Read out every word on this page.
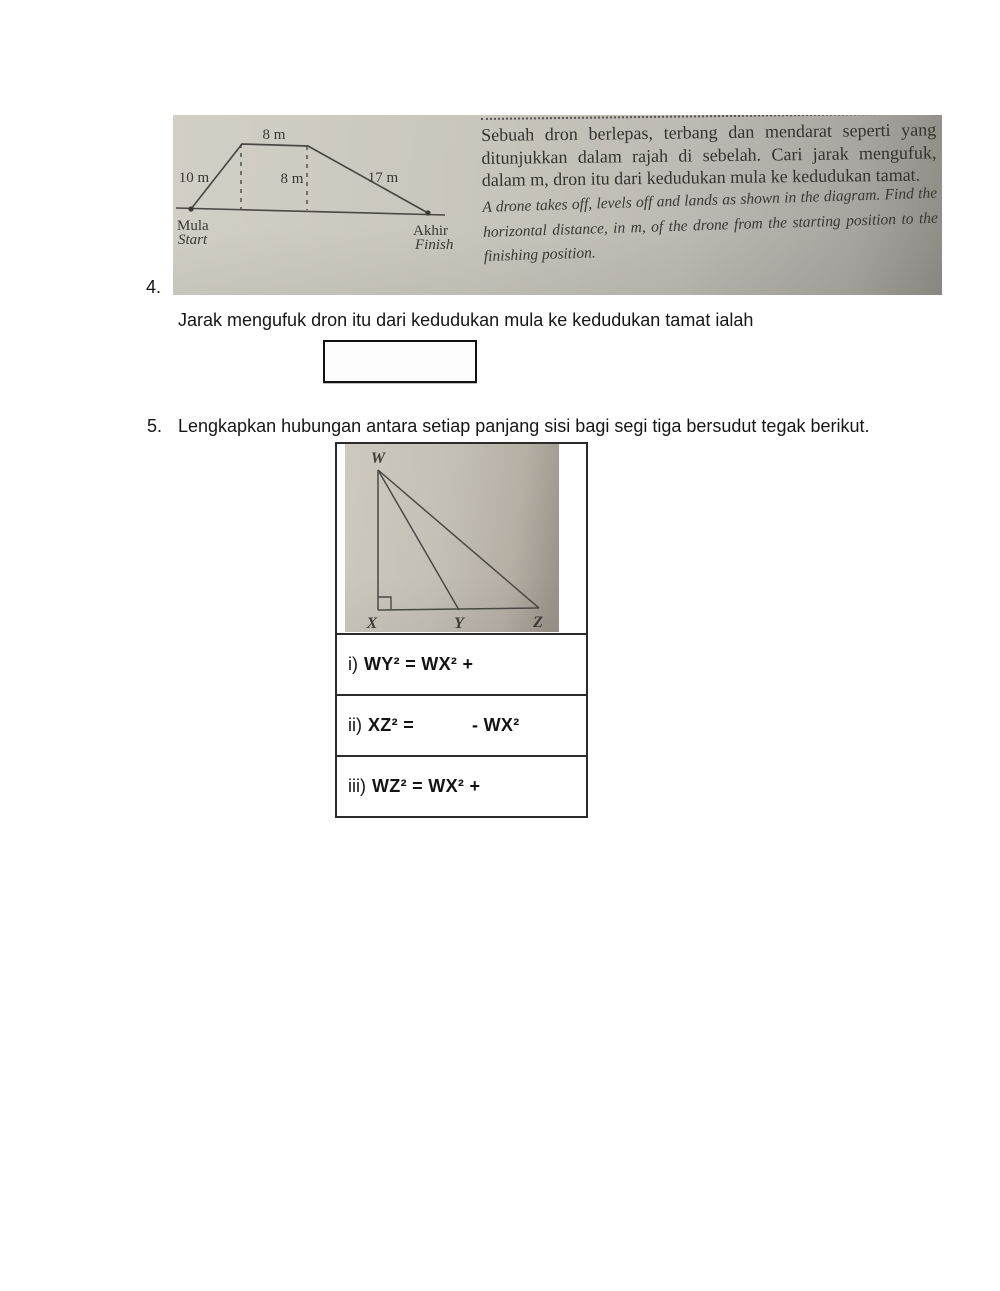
8 m
10 m	8 m	17 m
Mula
Start
Akhir
Finish
Sebuah dron berlepas, terbang dan mendarat seperti yang ditunjukkan dalam rajah di sebelah. Cari jarak mengufuk, dalam m, dron itu dari kedudukan mula ke kedudukan tamat.
A drone takes off, levels off and lands as shown in the diagram. Find the horizontal distance, in m, of the drone from the starting position to the finishing position.
4.
Jarak mengufuk dron itu dari kedudukan mula ke kedudukan tamat ialah
5. Lengkapkan hubungan antara setiap panjang sisi bagi segi tiga bersudut tegak berikut.
W
X	Y	Z
i) WY² = WX² +
ii) XZ² =	- WX²
iii) WZ² = WX² +
